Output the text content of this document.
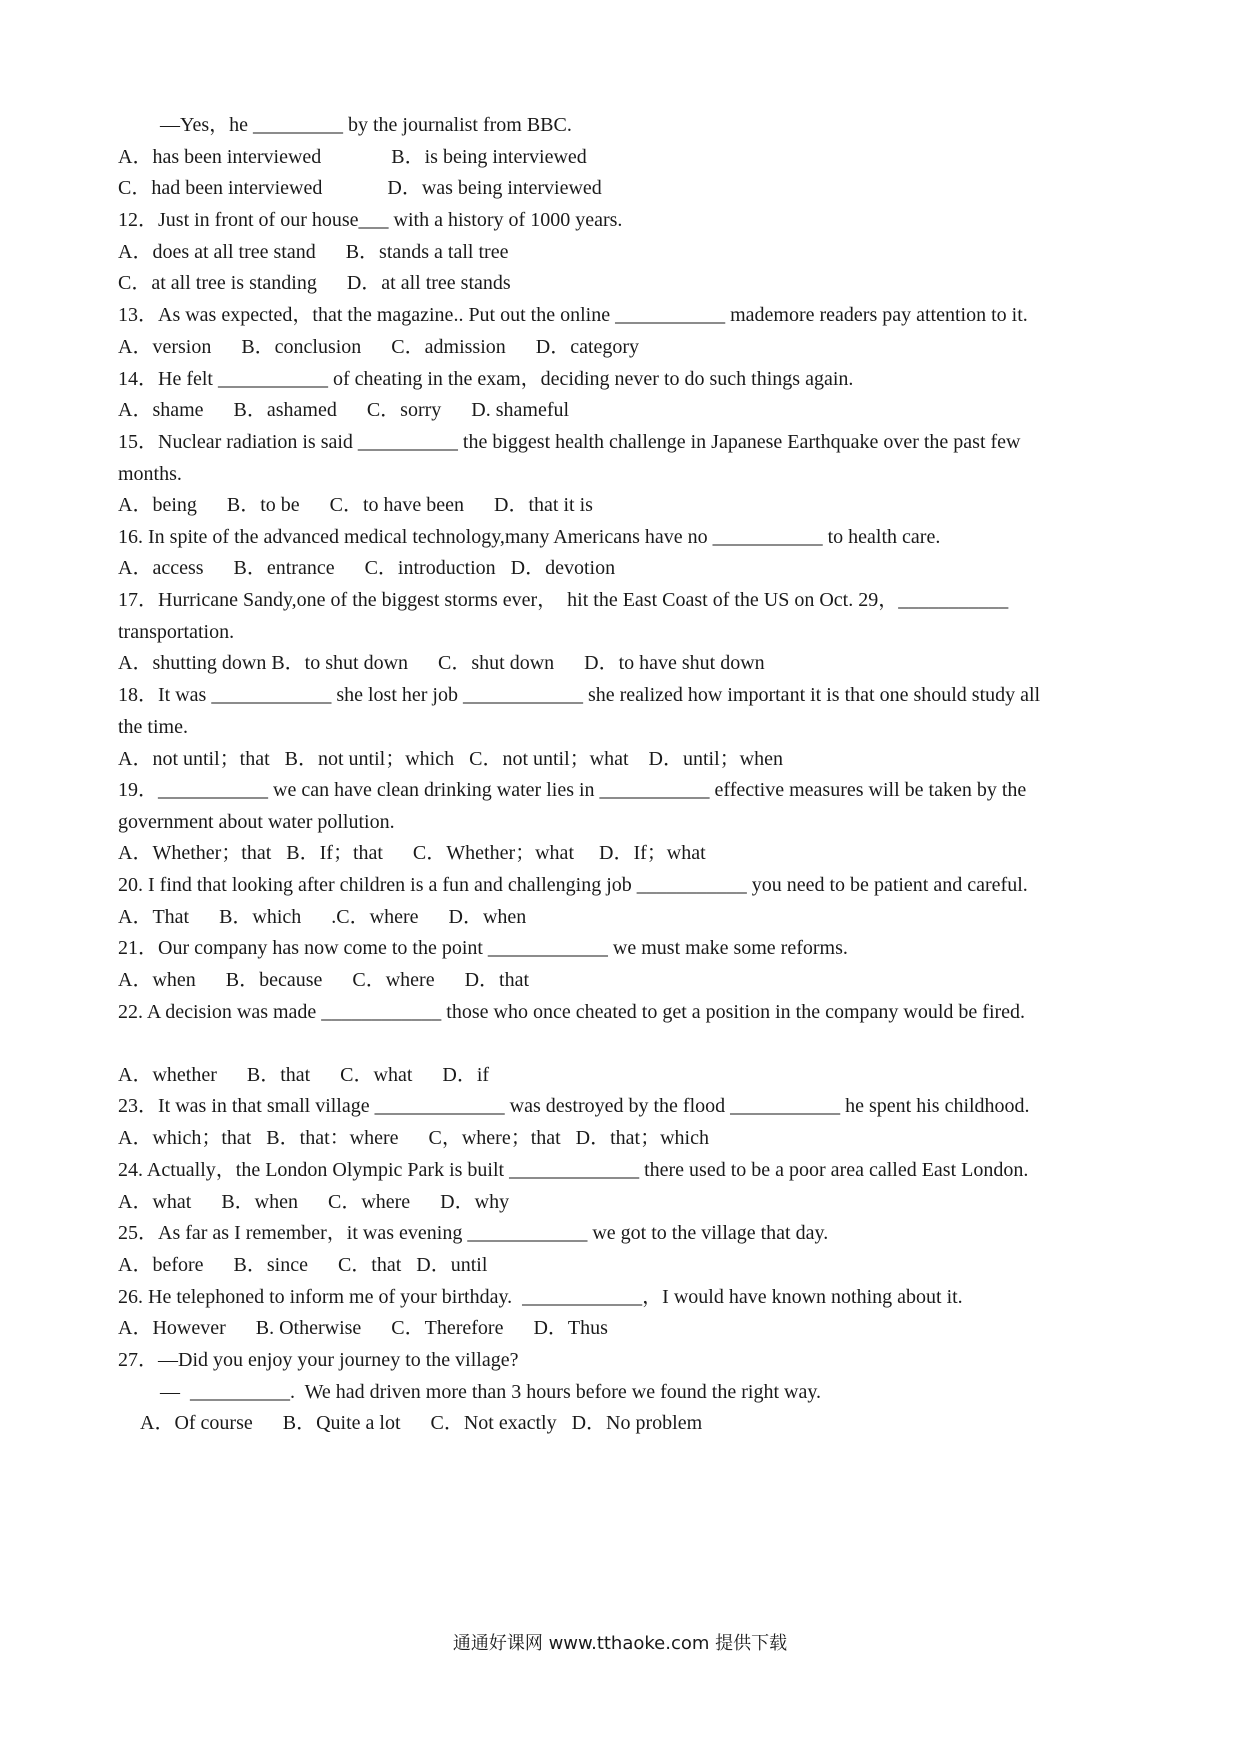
—Yes，he _________ by the journalist from BBC.
A．has been interviewed              B．is being interviewed
C．had been interviewed             D．was being interviewed
12．Just in front of our house___ with a history of 1000 years.
A．does at all tree stand      B．stands a tall tree
C．at all tree is standing      D．at all tree stands
13．As was expected，that the magazine.. Put out the online ___________ mademore readers pay attention to it.
A．version      B．conclusion      C．admission      D．category
14．He felt ___________ of cheating in the exam，deciding never to do such things again.
A．shame      B．ashamed      C．sorry      D. shameful
15．Nuclear radiation is said __________ the biggest health challenge in Japanese Earthquake over the past few
months.
A．being      B．to be      C．to have been      D．that it is
16. In spite of the advanced medical technology,many Americans have no ___________ to health care.
A．access      B．entrance      C．introduction   D．devotion
17．Hurricane Sandy,one of the biggest storms ever，  hit the East Coast of the US on Oct. 29，___________
transportation.
A．shutting down B．to shut down      C．shut down      D．to have shut down
18．It was ____________ she lost her job ____________ she realized how important it is that one should study all
the time.
A．not until；that   B．not until；which   C．not until；what    D．until；when
19．___________ we can have clean drinking water lies in ___________ effective measures will be taken by the
government about water pollution.
A．Whether；that   B．If；that      C．Whether；what     D．If；what
20. I find that looking after children is a fun and challenging job ___________ you need to be patient and careful.
A．That      B．which      .C．where      D．when
21．Our company has now come to the point ____________ we must make some reforms.
A．when      B．because      C．where      D．that
22. A decision was made ____________ those who once cheated to get a position in the company would be fired.
A．whether      B．that      C．what      D．if
23．It was in that small village _____________ was destroyed by the flood ___________ he spent his childhood.
A．which；that   B．that：where      C，where；that   D．that；which
24. Actually，the London Olympic Park is built _____________ there used to be a poor area called East London.
A．what      B．when      C．where      D．why
25．As far as I remember，it was evening ____________ we got to the village that day.
A．before      B．since      C．that   D．until
26. He telephoned to inform me of your birthday.  ____________，I would have known nothing about it.
A．However      B. Otherwise      C．Therefore      D．Thus
27．—Did you enjoy your journey to the village?
—  __________.  We had driven more than 3 hours before we found the right way.
A．Of course      B．Quite a lot      C．Not exactly   D．No problem
通通好课网 www.tthaoke.com 提供下载
